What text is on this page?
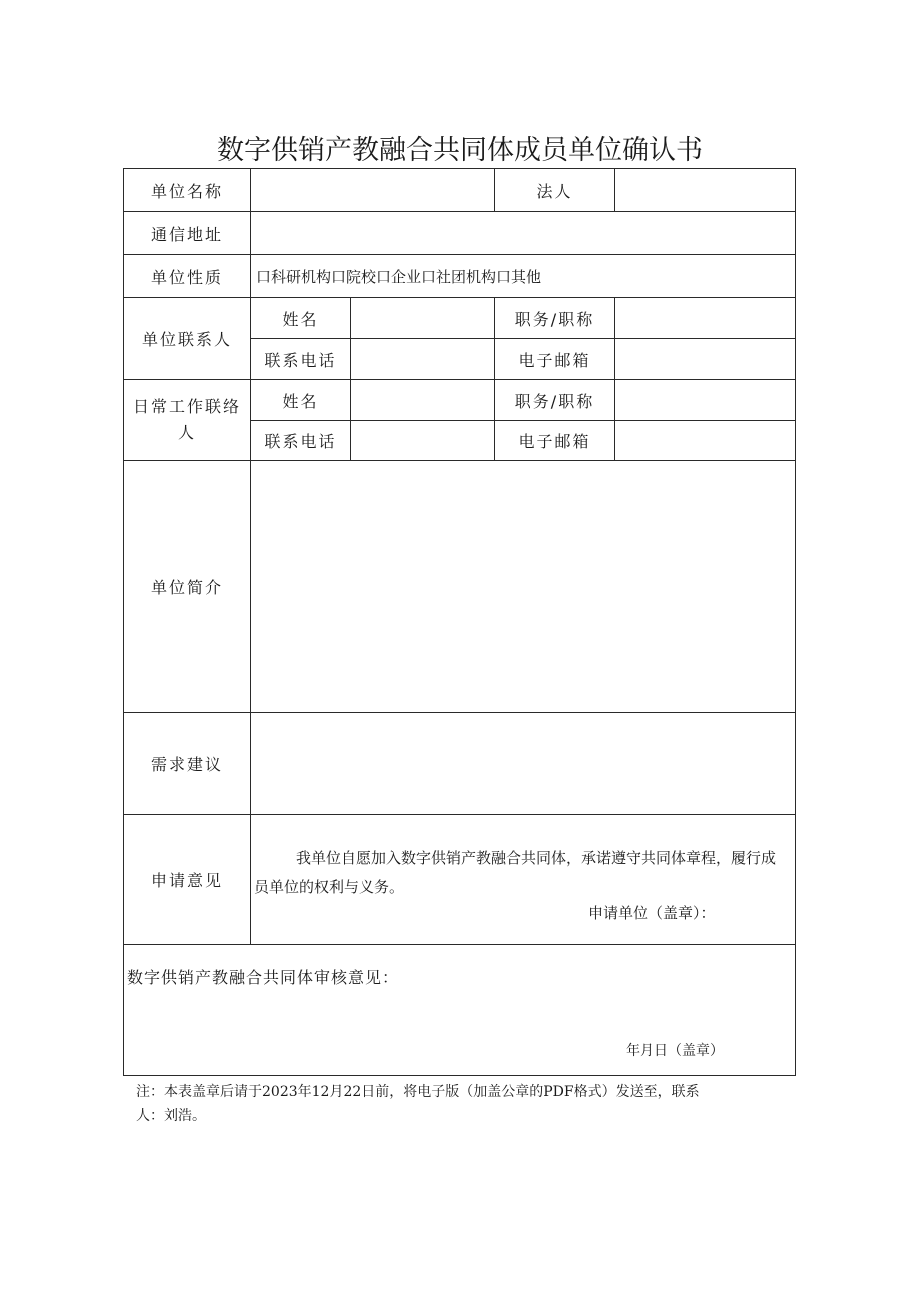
数字供销产教融合共同体成员单位确认书
单位名称	法人
通信地址
单位性质	口科研机构口院校口企业口社团机构口其他
单位联系人
姓名	职务/职称
联系电话	电子邮箱
日常工作联络
人
姓名	职务/职称
联系电话	电子邮箱
单位简介
需求建议
申请意见
我单位自愿加入数字供销产教融合共同体，承诺遵守共同体章程，履行成
员单位的权利与义务。
申请单位（盖章）：
数字供销产教融合共同体审核意见：
年月日（盖章）
注：本表盖章后请于2023年12月22日前，将电子版（加盖公章的PDF格式）发送至，联系
人：刘浩。
